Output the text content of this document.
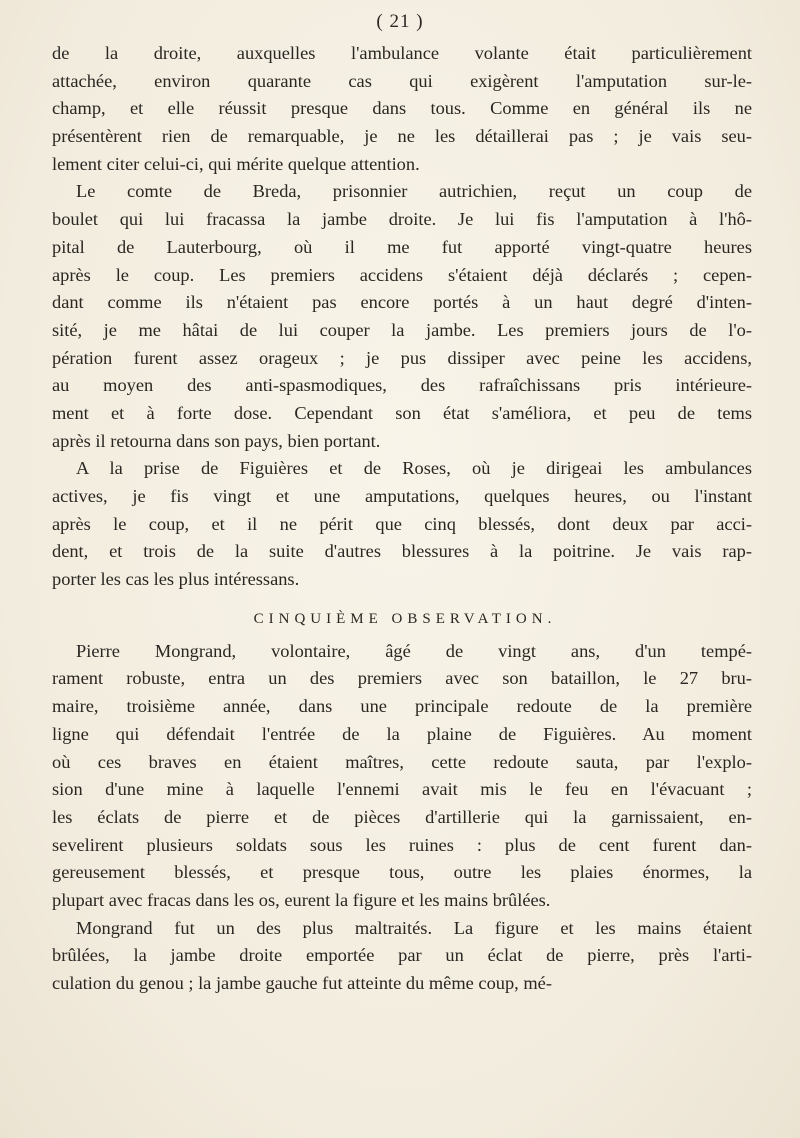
( 21 )
de la droite, auxquelles l'ambulance volante était particulièrement
attachée, environ quarante cas qui exigèrent l'amputation sur-le-
champ, et elle réussit presque dans tous. Comme en général ils ne
présentèrent rien de remarquable, je ne les détaillerai pas ; je vais seu-
lement citer celui-ci, qui mérite quelque attention.
Le comte de Breda, prisonnier autrichien, reçut un coup de
boulet qui lui fracassa la jambe droite. Je lui fis l'amputation à l'hô-
pital de Lauterbourg, où il me fut apporté vingt-quatre heures
après le coup. Les premiers accidens s'étaient déjà déclarés ; cepen-
dant comme ils n'étaient pas encore portés à un haut degré d'inten-
sité, je me hâtai de lui couper la jambe. Les premiers jours de l'o-
pération furent assez orageux ; je pus dissiper avec peine les accidens,
au moyen des anti-spasmodiques, des rafraîchissans pris intérieure-
ment et à forte dose. Cependant son état s'améliora, et peu de tems
après il retourna dans son pays, bien portant.
A la prise de Figuières et de Roses, où je dirigeai les ambulances
actives, je fis vingt et une amputations, quelques heures, ou l'instant
après le coup, et il ne périt que cinq blessés, dont deux par acci-
dent, et trois de la suite d'autres blessures à la poitrine. Je vais rap-
porter les cas les plus intéressans.
CINQUIÈME OBSERVATION.
Pierre Mongrand, volontaire, âgé de vingt ans, d'un tempé-
rament robuste, entra un des premiers avec son bataillon, le 27 bru-
maire, troisième année, dans une principale redoute de la première
ligne qui défendait l'entrée de la plaine de Figuières. Au moment
où ces braves en étaient maîtres, cette redoute sauta, par l'explo-
sion d'une mine à laquelle l'ennemi avait mis le feu en l'évacuant ;
les éclats de pierre et de pièces d'artillerie qui la garnissaient, en-
sevelirent plusieurs soldats sous les ruines : plus de cent furent dan-
gereusement blessés, et presque tous, outre les plaies énormes, la
plupart avec fracas dans les os, eurent la figure et les mains brûlées.
Mongrand fut un des plus maltraités. La figure et les mains étaient
brûlées, la jambe droite emportée par un éclat de pierre, près l'arti-
culation du genou ; la jambe gauche fut atteinte du même coup, mé-
